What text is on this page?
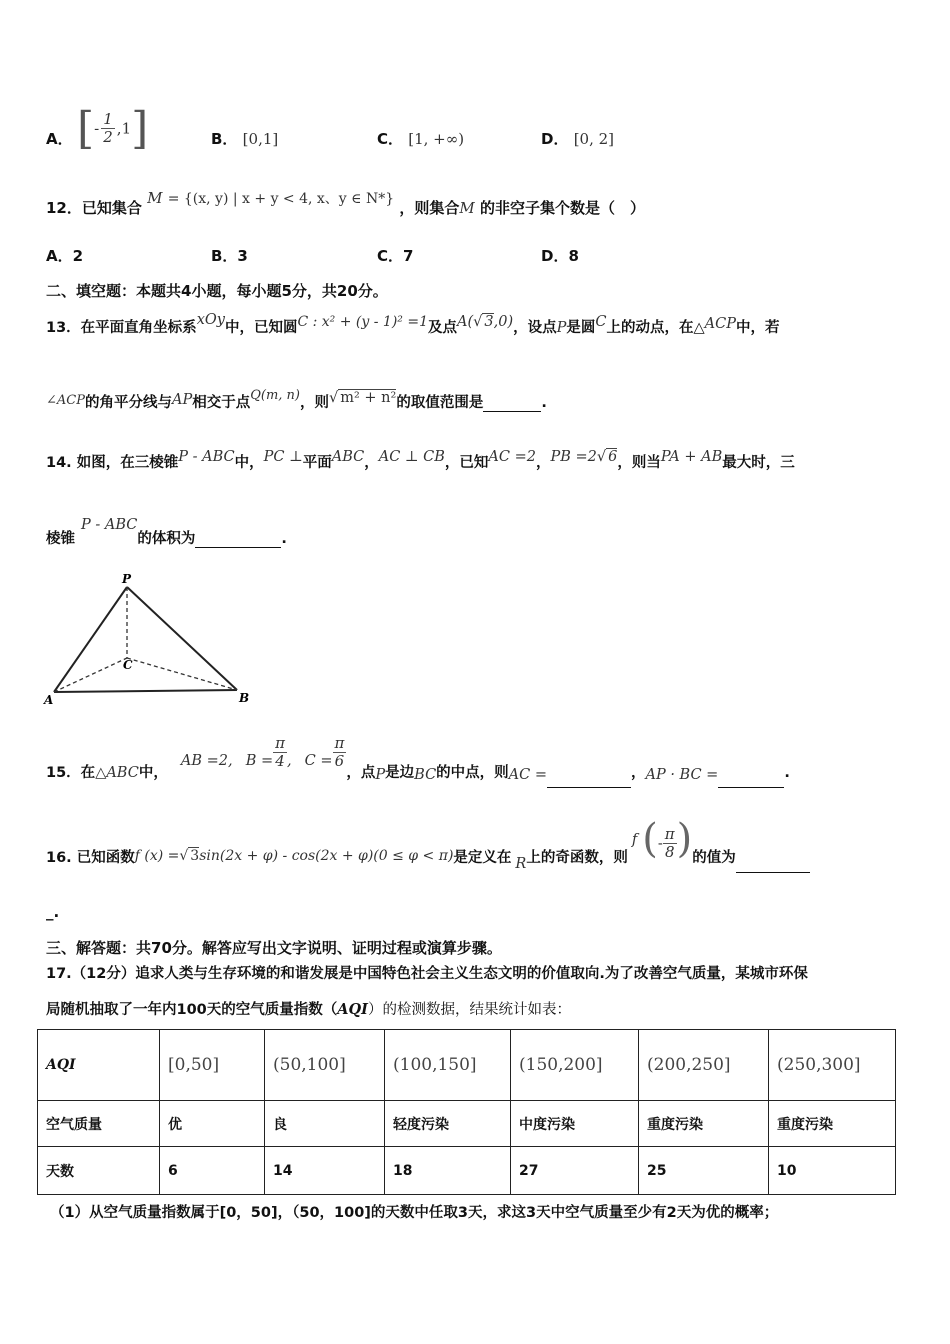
A． [- $\frac{1}{2} ,1$]	B． [0,1]	C． [1, +∞)	D． [0, 2]
12．已知集合 M = {(x, y) | x + y < 4, x、y ∈ N*} ，则集合M 的非空子集个数是（　）
A．2	B．3	C．7	D．8
二、填空题：本题共4小题，每小题5分，共20分。
13．在平面直角坐标系xOy中，已知圆C : x² + (y - 1)² =1及点A(√ 3,0)，设点P是圆C上的动点，在△ACP中，若
∠ACP的角平分线与AP相交于点Q(m, n)，则√ m² + n²的取值范围是	.
14. 如图，在三棱锥P - ABC中，PC ⊥平面ABC，AC ⊥ CB，已知AC =2，PB =2√ 6，则当PA + AB最大时，三
棱锥P - ABC的体积为	.
P
C
A	B
15．在△ABC中， AB =2, $B = \frac{\pi}{4}$ , $C = \frac{\pi}{6}$
，点P是边BC的中点，则AC =	，AP · BC =	.
16. 已知函数f (x) =√ 3sin(2x + φ) - cos(2x + φ)(0 ≤ φ < π)是定义在 R上的奇函数，则f (- $\frac{\pi}{8}$ )的值为
_.
三、解答题：共70分。解答应写出文字说明、证明过程或演算步骤。
17.（12分）追求人类与生存环境的和谐发展是中国特色社会主义生态文明的价值取向.为了改善空气质量，某城市环保
局随机抽取了一年内100天的空气质量指数（AQI）的检测数据，结果统计如表：
AQI	[0,50]	(50,100]	(100,150]	(150,200]	(200,250]	(250,300]
空气质量	优	良	轻度污染	中度污染	重度污染	重度污染
天数	6	14	18	27	25	10
（1）从空气质量指数属于[0，50]，（50，100]的天数中任取3天，求这3天中空气质量至少有2天为优的概率；
